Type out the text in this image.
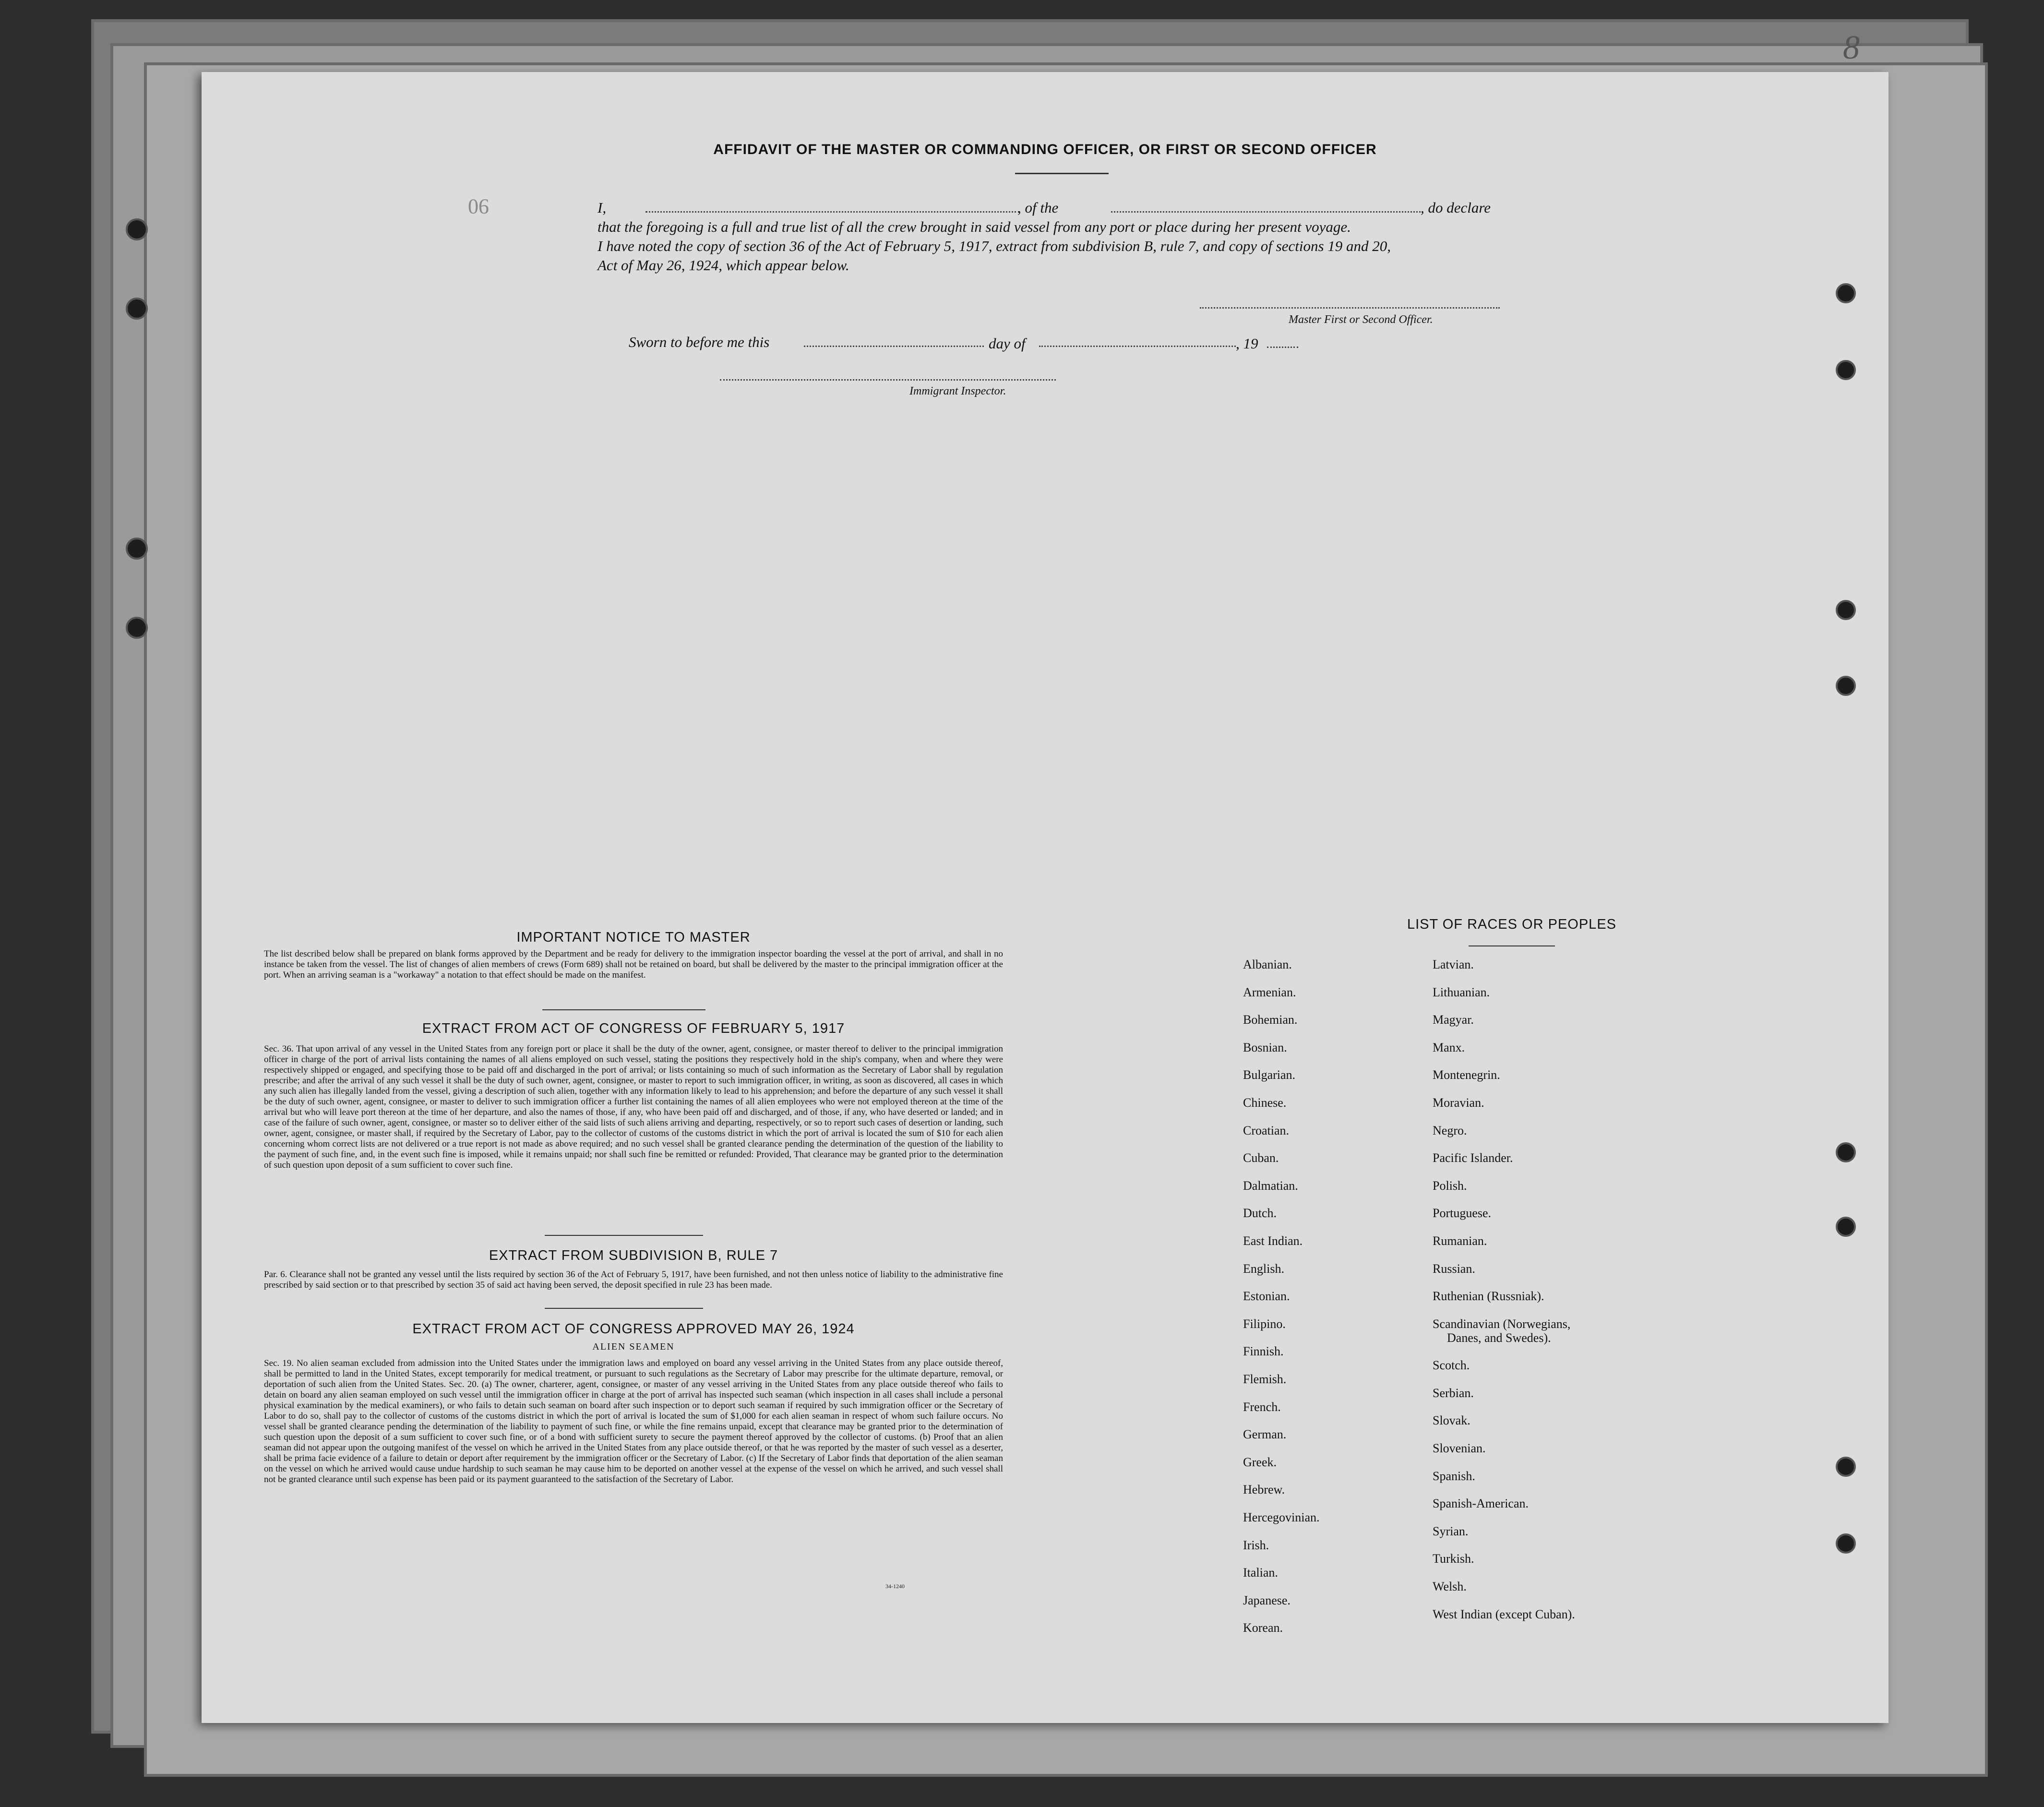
8
90
AFFIDAVIT OF THE MASTER OR COMMANDING OFFICER, OR FIRST OR SECOND OFFICER
I,	, of the	, do declare
that the foregoing is a full and true list of all the crew brought in said vessel from any port or place during her present voyage.
I have noted the copy of section 36 of the Act of February 5, 1917, extract from subdivision B, rule 7, and copy of sections 19 and 20,
Act of May 26, 1924, which appear below.
Master First or Second Officer.
Sworn to before me this	day of	, 19
Immigrant Inspector.
IMPORTANT NOTICE TO MASTER
The list described below shall be prepared on blank forms approved by the Department and be ready for delivery to the immigration inspector boarding the vessel at the port of arrival, and shall in no instance be taken from the vessel. The list of changes of alien members of crews (Form 689) shall not be retained on board, but shall be delivered by the master to the principal immigration officer at the port. When an arriving seaman is a "workaway" a notation to that effect should be made on the manifest.
EXTRACT FROM ACT OF CONGRESS OF FEBRUARY 5, 1917
Sec. 36. That upon arrival of any vessel in the United States from any foreign port or place it shall be the duty of the owner, agent, consignee, or master thereof to deliver to the principal immigration officer in charge of the port of arrival lists containing the names of all aliens employed on such vessel, stating the positions they respectively hold in the ship's company, when and where they were respectively shipped or engaged, and specifying those to be paid off and discharged in the port of arrival; or lists containing so much of such information as the Secretary of Labor shall by regulation prescribe; and after the arrival of any such vessel it shall be the duty of such owner, agent, consignee, or master to report to such immigration officer, in writing, as soon as discovered, all cases in which any such alien has illegally landed from the vessel, giving a description of such alien, together with any information likely to lead to his apprehension; and before the departure of any such vessel it shall be the duty of such owner, agent, consignee, or master to deliver to such immigration officer a further list containing the names of all alien employees who were not employed thereon at the time of the arrival but who will leave port thereon at the time of her departure, and also the names of those, if any, who have been paid off and discharged, and of those, if any, who have deserted or landed; and in case of the failure of such owner, agent, consignee, or master so to deliver either of the said lists of such aliens arriving and departing, respectively, or so to report such cases of desertion or landing, such owner, agent, consignee, or master shall, if required by the Secretary of Labor, pay to the collector of customs of the customs district in which the port of arrival is located the sum of $10 for each alien concerning whom correct lists are not delivered or a true report is not made as above required; and no such vessel shall be granted clearance pending the determination of the question of the liability to the payment of such fine, and, in the event such fine is imposed, while it remains unpaid; nor shall such fine be remitted or refunded: Provided, That clearance may be granted prior to the determination of such question upon deposit of a sum sufficient to cover such fine.
EXTRACT FROM SUBDIVISION B, RULE 7
Par. 6. Clearance shall not be granted any vessel until the lists required by section 36 of the Act of February 5, 1917, have been furnished, and not then unless notice of liability to the administrative fine prescribed by said section or to that prescribed by section 35 of said act having been served, the deposit specified in rule 23 has been made.
EXTRACT FROM ACT OF CONGRESS APPROVED MAY 26, 1924
ALIEN SEAMEN
Sec. 19. No alien seaman excluded from admission into the United States under the immigration laws and employed on board any vessel arriving in the United States from any place outside thereof, shall be permitted to land in the United States, except temporarily for medical treatment, or pursuant to such regulations as the Secretary of Labor may prescribe for the ultimate departure, removal, or deportation of such alien from the United States. Sec. 20. (a) The owner, charterer, agent, consignee, or master of any vessel arriving in the United States from any place outside thereof who fails to detain on board any alien seaman employed on such vessel until the immigration officer in charge at the port of arrival has inspected such seaman (which inspection in all cases shall include a personal physical examination by the medical examiners), or who fails to detain such seaman on board after such inspection or to deport such seaman if required by such immigration officer or the Secretary of Labor to do so, shall pay to the collector of customs of the customs district in which the port of arrival is located the sum of $1,000 for each alien seaman in respect of whom such failure occurs. No vessel shall be granted clearance pending the determination of the liability to payment of such fine, or while the fine remains unpaid, except that clearance may be granted prior to the determination of such question upon the deposit of a sum sufficient to cover such fine, or of a bond with sufficient surety to secure the payment thereof approved by the collector of customs. (b) Proof that an alien seaman did not appear upon the outgoing manifest of the vessel on which he arrived in the United States from any place outside thereof, or that he was reported by the master of such vessel as a deserter, shall be prima facie evidence of a failure to detain or deport after requirement by the immigration officer or the Secretary of Labor. (c) If the Secretary of Labor finds that deportation of the alien seaman on the vessel on which he arrived would cause undue hardship to such seaman he may cause him to be deported on another vessel at the expense of the vessel on which he arrived, and such vessel shall not be granted clearance until such expense has been paid or its payment guaranteed to the satisfaction of the Secretary of Labor.
34-1240
LIST OF RACES OR PEOPLES
Albanian.
Armenian.
Bohemian.
Bosnian.
Bulgarian.
Chinese.
Croatian.
Cuban.
Dalmatian.
Dutch.
East Indian.
English.
Estonian.
Filipino.
Finnish.
Flemish.
French.
German.
Greek.
Hebrew.
Hercegovinian.
Irish.
Italian.
Japanese.
Korean.
Latvian.
Lithuanian.
Magyar.
Manx.
Montenegrin.
Moravian.
Negro.
Pacific Islander.
Polish.
Portuguese.
Rumanian.
Russian.
Ruthenian (Russniak).
Scandinavian (Norwegians,
Danes, and Swedes).
Scotch.
Serbian.
Slovak.
Slovenian.
Spanish.
Spanish-American.
Syrian.
Turkish.
Welsh.
West Indian (except Cuban).
